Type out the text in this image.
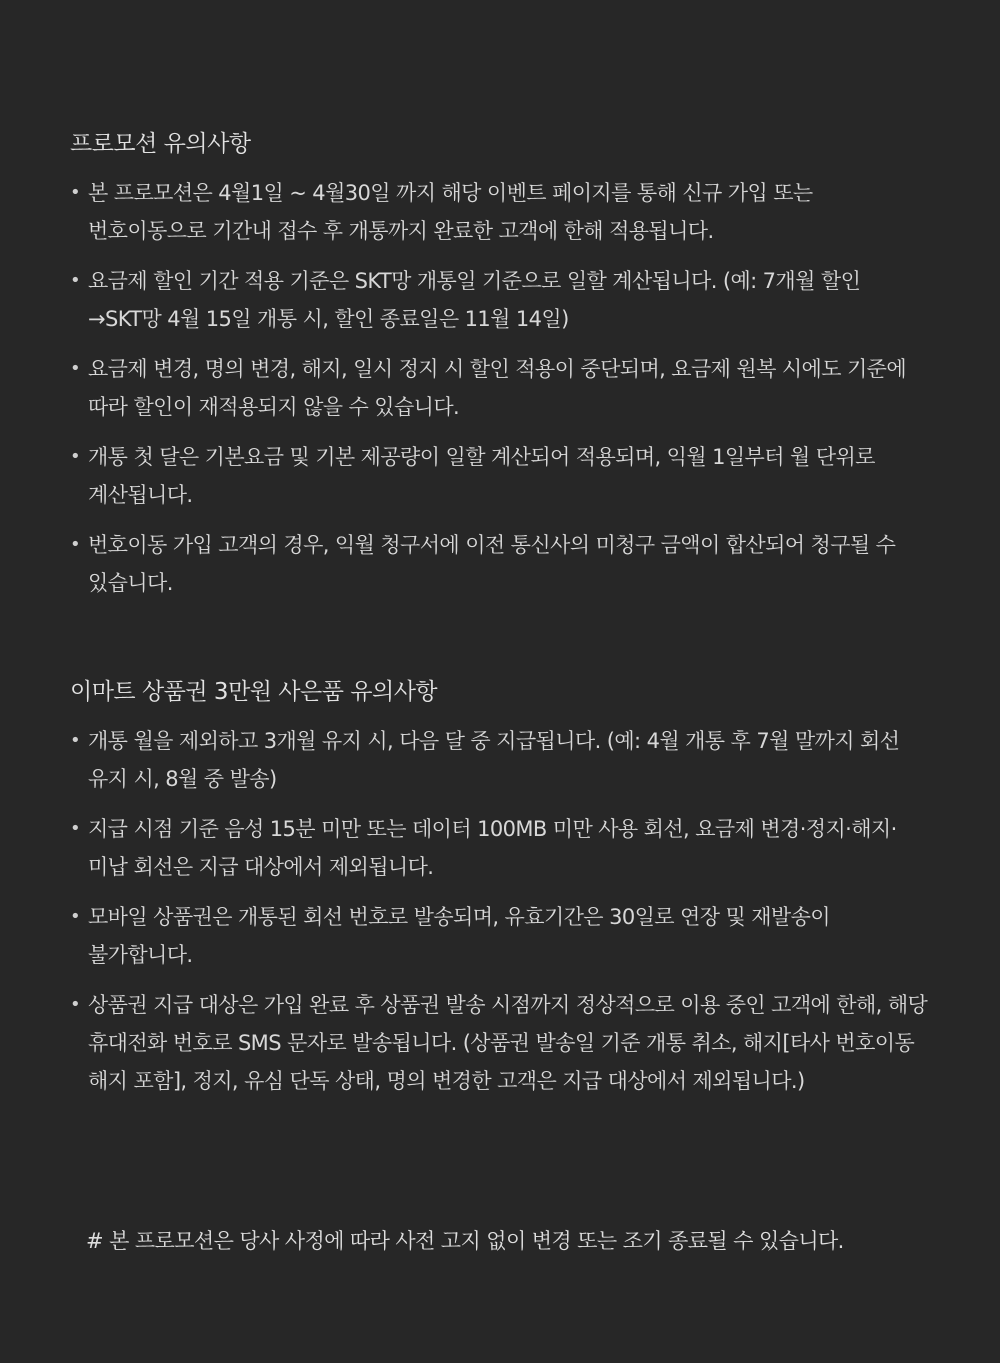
프로모션 유의사항
• 본 프로모션은 4월1일 ~ 4월30일 까지 해당 이벤트 페이지를 통해 신규 가입 또는 번호이동으로 기간내 접수 후 개통까지 완료한 고객에 한해 적용됩니다.
• 요금제 할인 기간 적용 기준은 SKT망 개통일 기준으로 일할 계산됩니다. (예: 7개월 할인→SKT망 4월 15일 개통 시, 할인 종료일은 11월 14일)
• 요금제 변경, 명의 변경, 해지, 일시 정지 시 할인 적용이 중단되며, 요금제 원복 시에도 기준에 따라 할인이 재적용되지 않을 수 있습니다.
• 개통 첫 달은 기본요금 및 기본 제공량이 일할 계산되어 적용되며, 익월 1일부터 월 단위로 계산됩니다.
• 번호이동 가입 고객의 경우, 익월 청구서에 이전 통신사의 미청구 금액이 합산되어 청구될 수 있습니다.
이마트 상품권 3만원 사은품 유의사항
• 개통 월을 제외하고 3개월 유지 시, 다음 달 중 지급됩니다. (예: 4월 개통 후 7월 말까지 회선 유지 시, 8월 중 발송)
• 지급 시점 기준 음성 15분 미만 또는 데이터 100MB 미만 사용 회선, 요금제 변경·정지·해지·미납 회선은 지급 대상에서 제외됩니다.
• 모바일 상품권은 개통된 회선 번호로 발송되며, 유효기간은 30일로 연장 및 재발송이 불가합니다.
• 상품권 지급 대상은 가입 완료 후 상품권 발송 시점까지 정상적으로 이용 중인 고객에 한해, 해당 휴대전화 번호로 SMS 문자로 발송됩니다. (상품권 발송일 기준 개통 취소, 해지[타사 번호이동 해지 포함], 정지, 유심 단독 상태, 명의 변경한 고객은 지급 대상에서 제외됩니다.)

# 본 프로모션은 당사 사정에 따라 사전 고지 없이 변경 또는 조기 종료될 수 있습니다.
